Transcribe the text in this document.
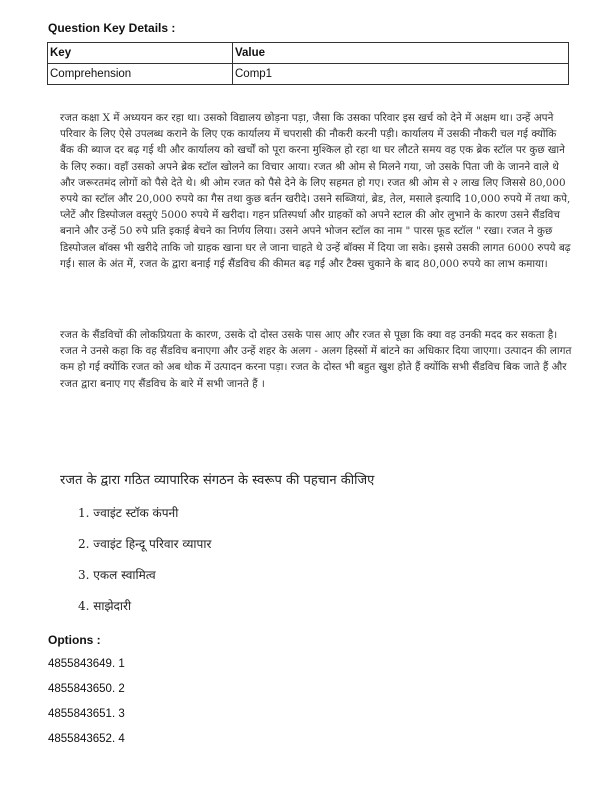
Question Key Details :
Key	Value
Comprehension	Comp1

रजत कक्षा X में अध्ययन कर रहा था। उसको विद्यालय छोड़ना पड़ा, जैसा कि उसका परिवार इस खर्च को देने में अक्षम था। उन्हें अपने परिवार के लिए ऐसे उपलब्ध कराने के लिए एक कार्यालय में चपरासी की नौकरी करनी पड़ी। कार्यालय में उसकी नौकरी चल गई क्योंकि बैंक की ब्याज दर बढ़ गई थी और कार्यालय को खर्चों को पूरा करना मुश्किल हो रहा था घर लौटते समय वह एक ब्रेक स्टॉल पर कुछ खाने के लिए रुका। वहाँ उसको अपने ब्रेक स्टॉल खोलने का विचार आया। रजत श्री ओम से मिलने गया, जो उसके पिता जी के जानने वाले थे और जरूरतमंद लोगों को पैसे देते थे। श्री ओम रजत को पैसे देने के लिए सहमत हो गए। रजत श्री ओम से २ लाख लिए जिससे 80,000 रुपये का स्टॉल और 20,000 रुपये का गैस तथा कुछ बर्तन खरीदे। उसने सब्जियां, ब्रेड, तेल, मसाले इत्यादि 10,000 रुपये में तथा कपे, प्लेटें और डिस्पोजल वस्तुएं 5000 रुपये में खरीदा। गहन प्रतिस्पर्धा और ग्राहकों को अपने स्टाल की ओर लुभाने के कारण उसने सैंडविच बनाने और उन्हें 50 रुपे प्रति इकाई बेचने का निर्णय लिया। उसने अपने भोजन स्टॉल का नाम " पारस फूड स्टॉल " रखा। रजत ने कुछ डिस्पोजल बॉक्स भी खरीदे ताकि जो ग्राहक खाना घर ले जाना चाहते थे उन्हें बॉक्स में दिया जा सके। इससे उसकी लागत 6000 रुपये बढ़ गई। साल के अंत में, रजत के द्वारा बनाई गई सैंडविच की कीमत बढ़ गई और टैक्स चुकाने के बाद 80,000 रुपये का लाभ कमाया।

रजत के सैंडविचों की लोकप्रियता के कारण, उसके दो दोस्त उसके पास आए और रजत से पूछा कि क्या वह उनकी मदद कर सकता है। रजत ने उनसे कहा कि वह सैंडविच बनाएगा और उन्हें शहर के अलग - अलग हिस्सों में बांटने का अधिकार दिया जाएगा। उत्पादन की लागत कम हो गई क्योंकि रजत को अब थोक में उत्पादन करना पड़ा। रजत के दोस्त भी बहुत खुश होते हैं क्योंकि सभी सैंडविच बिक जाते हैं और रजत द्वारा बनाए गए सैंडविच के बारे में सभी जानते हैं ।

रजत के द्वारा गठित व्यापारिक संगठन के स्वरूप की पहचान कीजिए

1. ज्वाइंट स्टॉक कंपनी
2. ज्वाइंट हिन्दू परिवार व्यापार
3. एकल स्वामित्व
4. साझेदारी
Options :
4855843649. 1
4855843650. 2
4855843651. 3
4855843652. 4
